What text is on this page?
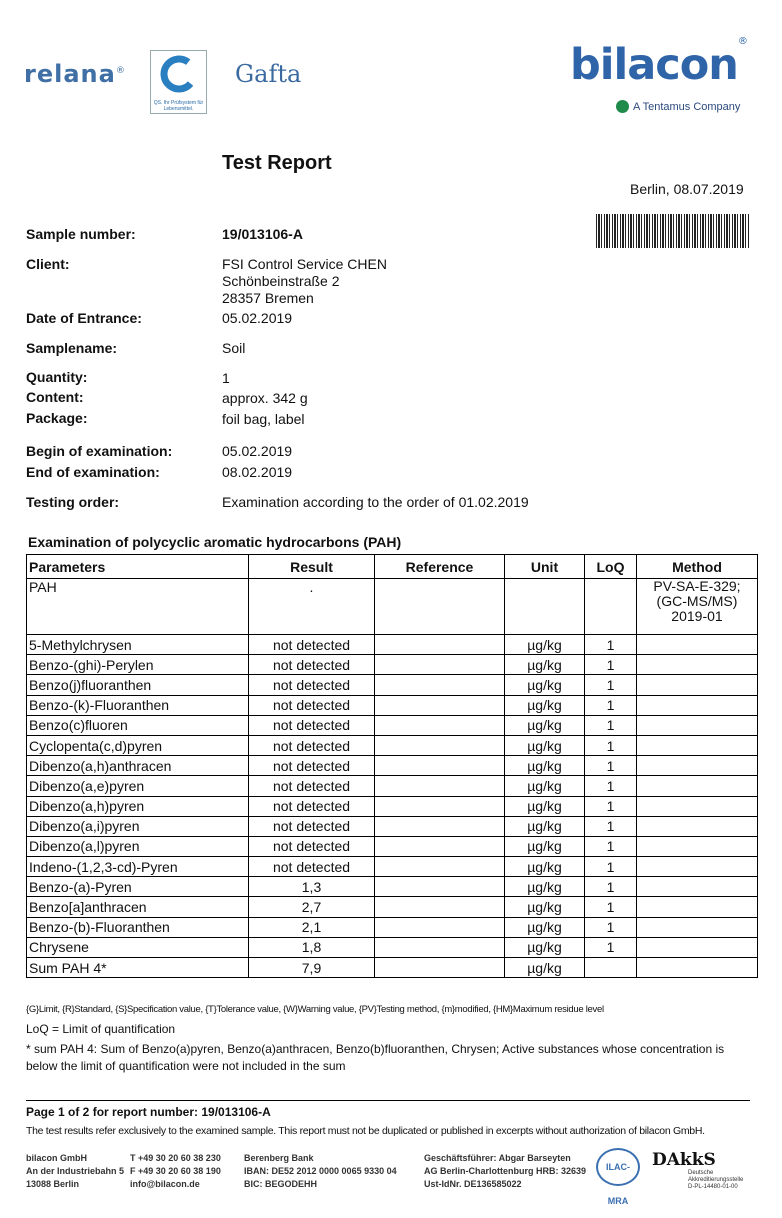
relana®
QS. Ihr Prüfsystem für Lebensmittel.
Gafta	bilacon®
A Tentamus Company
Test Report
Berlin, 08.07.2019
Sample number:	19/013106-A
Client:	FSI Control Service CHEN
Schönbeinstraße 2
28357 Bremen
Date of Entrance:	05.02.2019
Samplename:	Soil
Quantity:	1
Content:	approx. 342 g
Package:	foil bag, label
Begin of examination:	05.02.2019
End of examination:	08.02.2019
Testing order:	Examination according to the order of 01.02.2019
Examination of polycyclic aromatic hydrocarbons (PAH)
Parameters	Result	Reference	Unit	LoQ	Method
PAH	.				PV-SA-E-329;
(GC-MS/MS)
2019-01

5-Methylchrysen	not detected		µg/kg	1	
Benzo-(ghi)-Perylen	not detected		µg/kg	1	
Benzo(j)fluoranthen	not detected		µg/kg	1	
Benzo-(k)-Fluoranthen	not detected		µg/kg	1	
Benzo(c)fluoren	not detected		µg/kg	1	
Cyclopenta(c,d)pyren	not detected		µg/kg	1	
Dibenzo(a,h)anthracen	not detected		µg/kg	1	
Dibenzo(a,e)pyren	not detected		µg/kg	1	
Dibenzo(a,h)pyren	not detected		µg/kg	1	
Dibenzo(a,i)pyren	not detected		µg/kg	1	
Dibenzo(a,l)pyren	not detected		µg/kg	1	
Indeno-(1,2,3-cd)-Pyren	not detected		µg/kg	1	
Benzo-(a)-Pyren	1,3		µg/kg	1	
Benzo[a]anthracen	2,7		µg/kg	1	
Benzo-(b)-Fluoranthen	2,1		µg/kg	1	
Chrysene	1,8		µg/kg	1	
Sum PAH 4*	7,9		µg/kg		
{G}Limit, {R}Standard, {S}Specification value, {T}Tolerance value, {W}Warning value, {PV}Testing method, {m}modified, {HM}Maximum residue level
LoQ = Limit of quantification
* sum PAH 4: Sum of Benzo(a)pyren, Benzo(a)anthracen, Benzo(b)fluoranthen, Chrysen; Active substances whose concentration is below the limit of quantification were not included in the sum
Page 1 of 2 for report number: 19/013106-A
The test results refer exclusively to the examined sample. This report must not be duplicated or published in excerpts without authorization of bilacon GmbH.
bilacon GmbH
An der Industriebahn 5
13088 Berlin
T +49 30 20 60 38 230
F +49 30 20 60 38 190
info@bilacon.de
Berenberg Bank
IBAN: DE52 2012 0000 0065 9330 04
BIC: BEGODEHH
Geschäftsführer: Abgar Barseyten
AG Berlin-Charlottenburg HRB: 32639
Ust-IdNr. DE136585022
ILAC-MRA
DAkkS
Deutsche
Akkreditierungsstelle
D-PL-14480-01-00
